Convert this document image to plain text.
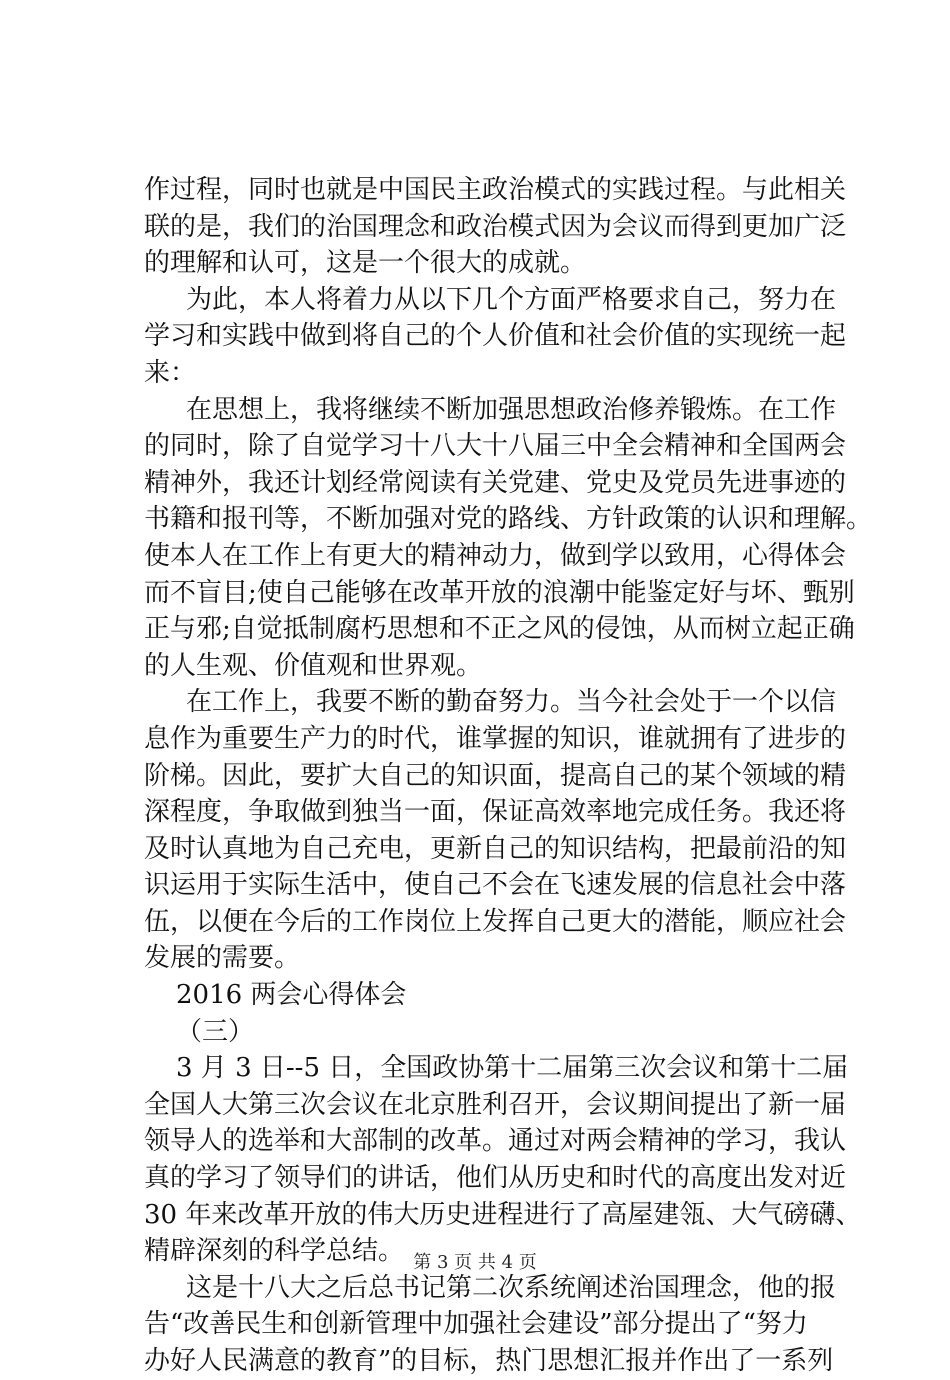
作过程，同时也就是中国民主政治模式的实践过程。与此相关
联的是，我们的治国理念和政治模式因为会议而得到更加广泛
的理解和认可，这是一个很大的成就。
为此，本人将着力从以下几个方面严格要求自己，努力在
学习和实践中做到将自己的个人价值和社会价值的实现统一起
来：
在思想上，我将继续不断加强思想政治修养锻炼。在工作
的同时，除了自觉学习十八大十八届三中全会精神和全国两会
精神外，我还计划经常阅读有关党建、党史及党员先进事迹的
书籍和报刊等，不断加强对党的路线、方针政策的认识和理解。
使本人在工作上有更大的精神动力，做到学以致用，心得体会
而不盲目;使自己能够在改革开放的浪潮中能鉴定好与坏、甄别
正与邪;自觉抵制腐朽思想和不正之风的侵蚀，从而树立起正确
的人生观、价值观和世界观。
在工作上，我要不断的勤奋努力。当今社会处于一个以信
息作为重要生产力的时代，谁掌握的知识，谁就拥有了进步的
阶梯。因此，要扩大自己的知识面，提高自己的某个领域的精
深程度，争取做到独当一面，保证高效率地完成任务。我还将
及时认真地为自己充电，更新自己的知识结构，把最前沿的知
识运用于实际生活中，使自己不会在飞速发展的信息社会中落
伍，以便在今后的工作岗位上发挥自己更大的潜能，顺应社会
发展的需要。
2016 两会心得体会
（三）
3 月 3 日--5 日，全国政协第十二届第三次会议和第十二届
全国人大第三次会议在北京胜利召开，会议期间提出了新一届
领导人的选举和大部制的改革。通过对两会精神的学习，我认
真的学习了领导们的讲话，他们从历史和时代的高度出发对近
30 年来改革开放的伟大历史进程进行了高屋建瓴、大气磅礴、
精辟深刻的科学总结。
这是十八大之后总书记第二次系统阐述治国理念，他的报
告“改善民生和创新管理中加强社会建设”部分提出了“努力
办好人民满意的教育”的目标，热门思想汇报并作出了一系列
第 3 页 共 4 页
